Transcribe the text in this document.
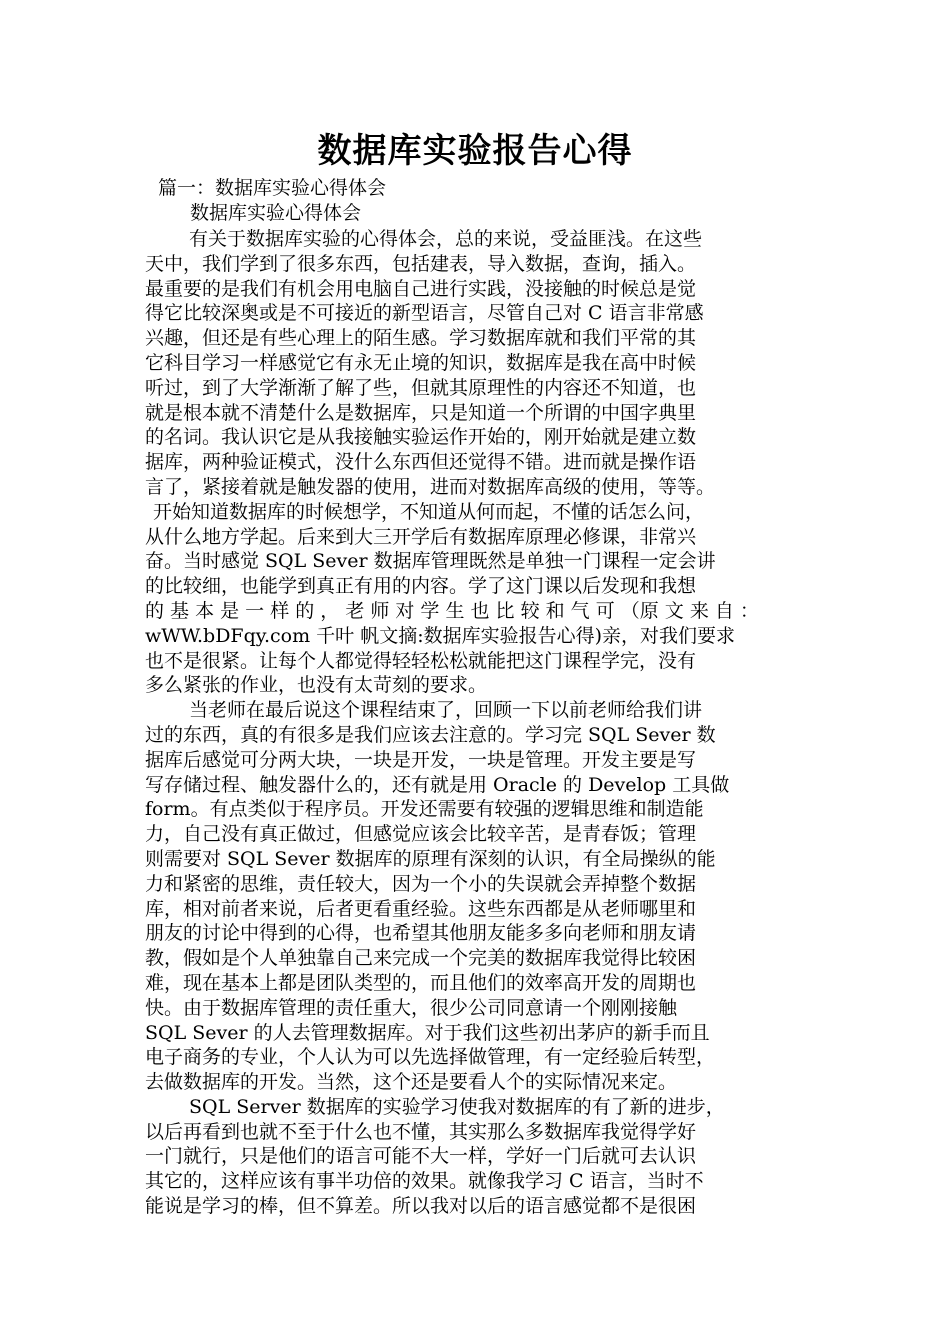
数据库实验报告心得

篇一：数据库实验心得体会

数据库实验心得体会

有关于数据库实验的心得体会，总的来说，受益匪浅。在这些
天中，我们学到了很多东西，包括建表，导入数据，查询，插入。
最重要的是我们有机会用电脑自己进行实践，没接触的时候总是觉
得它比较深奥或是不可接近的新型语言，尽管自己对 C 语言非常感
兴趣，但还是有些心理上的陌生感。学习数据库就和我们平常的其
它科目学习一样感觉它有永无止境的知识，数据库是我在高中时候
听过，到了大学渐渐了解了些，但就其原理性的内容还不知道，也
就是根本就不清楚什么是数据库，只是知道一个所谓的中国字典里
的名词。我认识它是从我接触实验运作开始的，刚开始就是建立数
据库，两种验证模式，没什么东西但还觉得不错。进而就是操作语
言了，紧接着就是触发器的使用，进而对数据库高级的使用，等等。
开始知道数据库的时候想学，不知道从何而起，不懂的话怎么问，
从什么地方学起。后来到大三开学后有数据库原理必修课，非常兴
奋。当时感觉 SQL Sever 数据库管理既然是单独一门课程一定会讲
的比较细，也能学到真正有用的内容。学了这门课以后发现和我想
的 基 本 是 一 样 的 ， 老 师 对 学 生 也 比 较 和 气 可 （原 文 来 自 ：
wWW.bDFqy.com 千叶 帆文摘:数据库实验报告心得)亲，对我们要求
也不是很紧。让每个人都觉得轻轻松松就能把这门课程学完，没有
多么紧张的作业，也没有太苛刻的要求。
当老师在最后说这个课程结束了，回顾一下以前老师给我们讲
过的东西，真的有很多是我们应该去注意的。学习完 SQL Sever 数
据库后感觉可分两大块，一块是开发，一块是管理。开发主要是写
写存储过程、触发器什么的，还有就是用 Oracle 的 Develop 工具做
form。有点类似于程序员。开发还需要有较强的逻辑思维和制造能
力，自己没有真正做过，但感觉应该会比较辛苦，是青春饭；管理
则需要对 SQL Sever 数据库的原理有深刻的认识，有全局操纵的能
力和紧密的思维，责任较大，因为一个小的失误就会弄掉整个数据
库，相对前者来说，后者更看重经验。这些东西都是从老师哪里和
朋友的讨论中得到的心得，也希望其他朋友能多多向老师和朋友请
教，假如是个人单独靠自己来完成一个完美的数据库我觉得比较困
难，现在基本上都是团队类型的，而且他们的效率高开发的周期也
快。由于数据库管理的责任重大，很少公司同意请一个刚刚接触
SQL Sever 的人去管理数据库。对于我们这些初出茅庐的新手而且
电子商务的专业，个人认为可以先选择做管理，有一定经验后转型，
去做数据库的开发。当然，这个还是要看人个的实际情况来定。
SQL Server 数据库的实验学习使我对数据库的有了新的进步，
以后再看到也就不至于什么也不懂，其实那么多数据库我觉得学好
一门就行，只是他们的语言可能不大一样，学好一门后就可去认识
其它的，这样应该有事半功倍的效果。就像我学习 C 语言，当时不
能说是学习的棒，但不算差。所以我对以后的语言感觉都不是很困
